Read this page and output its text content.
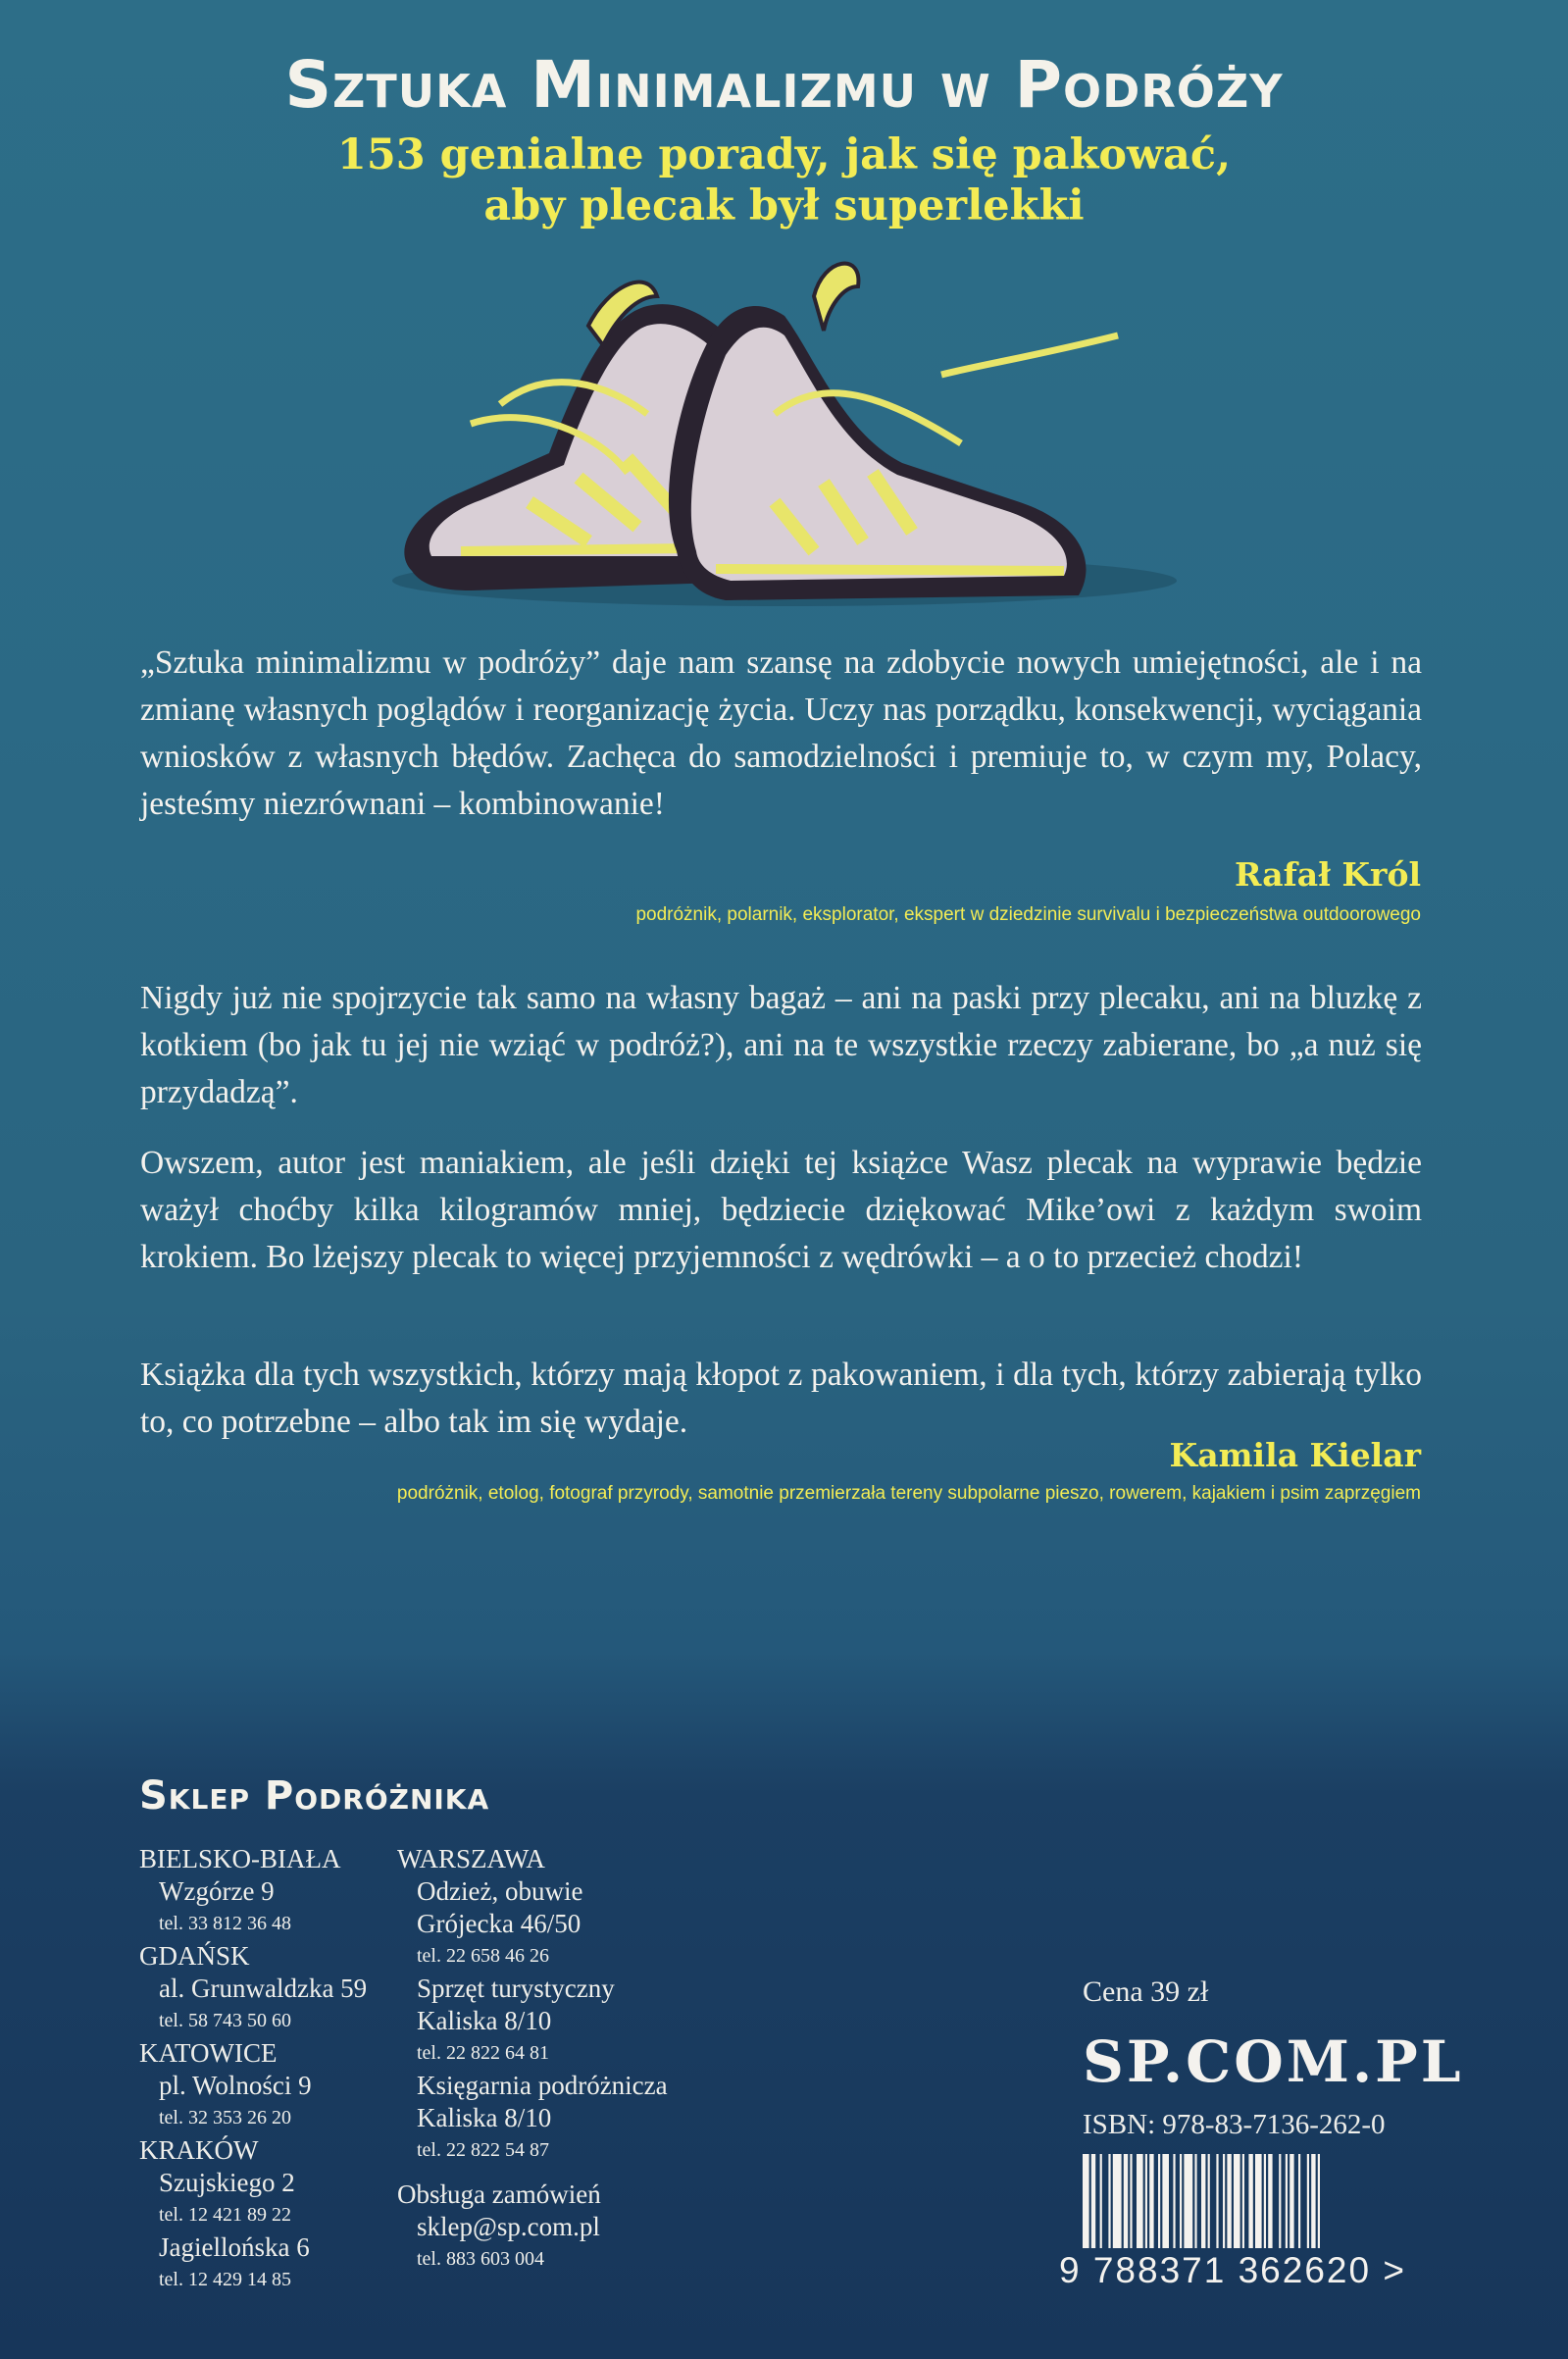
Sztuka Minimalizmu w Podróży
153 genialne porady, jak się pakować,
aby plecak był superlekki
„Sztuka minimalizmu w podróży” daje nam szansę na zdobycie nowych umiejętności, ale i na zmianę własnych poglądów i reorganizację życia. Uczy nas porządku, konsekwencji, wyciągania wniosków z własnych błędów. Zachęca do samodzielności i premiuje to, w czym my, Polacy, jesteśmy niezrównani – kombinowanie!
Rafał Król
podróżnik, polarnik, eksplorator, ekspert w dziedzinie survivalu i bezpieczeństwa outdoorowego
Nigdy już nie spojrzycie tak samo na własny bagaż – ani na paski przy plecaku, ani na bluzkę z kotkiem (bo jak tu jej nie wziąć w podróż?), ani na te wszystkie rzeczy zabierane, bo „a nuż się przydadzą”.
Owszem, autor jest maniakiem, ale jeśli dzięki tej książce Wasz plecak na wyprawie będzie ważył choćby kilka kilogramów mniej, będziecie dziękować Mike’owi z każdym swoim krokiem. Bo lżejszy plecak to więcej przyjemności z wędrówki – a o to przecież chodzi!
Książka dla tych wszystkich, którzy mają kłopot z pakowaniem, i dla tych, którzy zabierają tylko to, co potrzebne – albo tak im się wydaje.
Kamila Kielar
podróżnik, etolog, fotograf przyrody, samotnie przemierzała tereny subpolarne pieszo, rowerem, kajakiem i psim zaprzęgiem
Sklep Podróżnika
BIELSKO-BIAŁA
Wzgórze 9
tel. 33 812 36 48
GDAŃSK
al. Grunwaldzka 59
tel. 58 743 50 60
KATOWICE
pl. Wolności 9
tel. 32 353 26 20
KRAKÓW
Szujskiego 2
tel. 12 421 89 22
Jagiellońska 6
tel. 12 429 14 85
WARSZAWA
Odzież, obuwie
Grójecka 46/50
tel. 22 658 46 26
Sprzęt turystyczny
Kaliska 8/10
tel. 22 822 64 81
Księgarnia podróżnicza
Kaliska 8/10
tel. 22 822 54 87
Obsługa zamówień
sklep@sp.com.pl
tel. 883 603 004
Cena 39 zł
SP.COM.PL
ISBN: 978-83-7136-262-0
9 788371 362620 >
